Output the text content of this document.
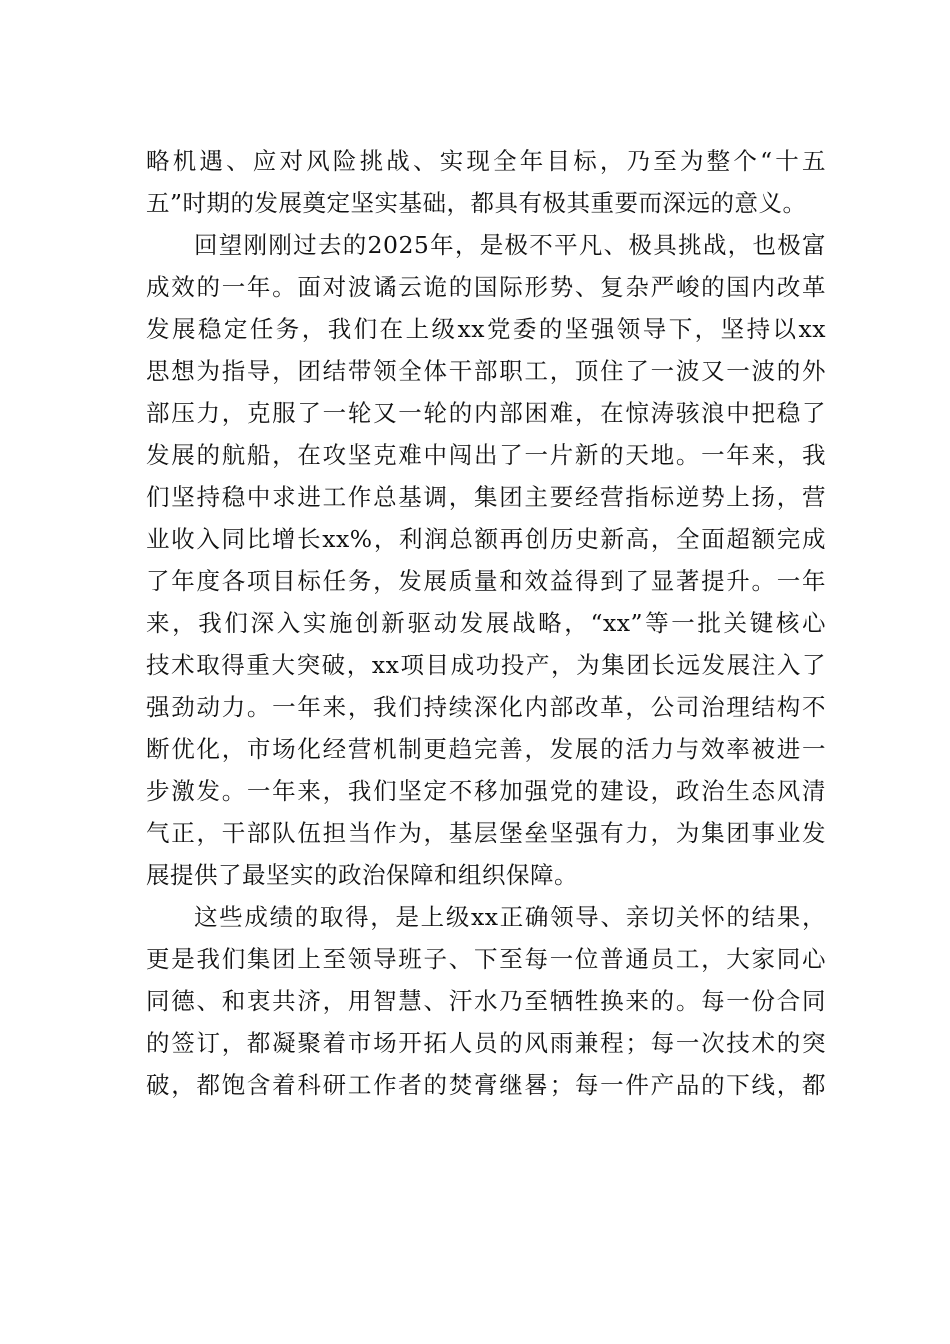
略机遇、应对风险挑战、实现全年目标，乃至为整个“十五
五”时期的发展奠定坚实基础，都具有极其重要而深远的意义。
回望刚刚过去的2025年，是极不平凡、极具挑战，也极富
成效的一年。面对波谲云诡的国际形势、复杂严峻的国内改革
发展稳定任务，我们在上级xx党委的坚强领导下，坚持以xx
思想为指导，团结带领全体干部职工，顶住了一波又一波的外
部压力，克服了一轮又一轮的内部困难，在惊涛骇浪中把稳了
发展的航船，在攻坚克难中闯出了一片新的天地。一年来，我
们坚持稳中求进工作总基调，集团主要经营指标逆势上扬，营
业收入同比增长xx%，利润总额再创历史新高，全面超额完成
了年度各项目标任务，发展质量和效益得到了显著提升。一年
来，我们深入实施创新驱动发展战略，“xx”等一批关键核心
技术取得重大突破，xx项目成功投产，为集团长远发展注入了
强劲动力。一年来，我们持续深化内部改革，公司治理结构不
断优化，市场化经营机制更趋完善，发展的活力与效率被进一
步激发。一年来，我们坚定不移加强党的建设，政治生态风清
气正，干部队伍担当作为，基层堡垒坚强有力，为集团事业发
展提供了最坚实的政治保障和组织保障。
这些成绩的取得，是上级xx正确领导、亲切关怀的结果，
更是我们集团上至领导班子、下至每一位普通员工，大家同心
同德、和衷共济，用智慧、汗水乃至牺牲换来的。每一份合同
的签订，都凝聚着市场开拓人员的风雨兼程；每一次技术的突
破，都饱含着科研工作者的焚膏继晷；每一件产品的下线，都
